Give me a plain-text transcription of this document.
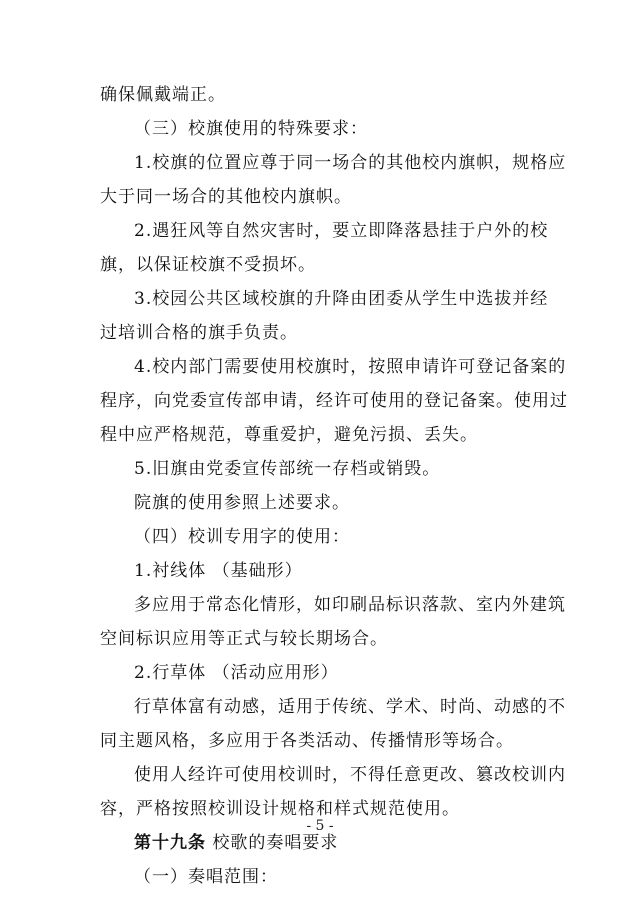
确保佩戴端正。
（三）校旗使用的特殊要求：
1.校旗的位置应尊于同一场合的其他校内旗帜，规格应
大于同一场合的其他校内旗帜。
2.遇狂风等自然灾害时，要立即降落悬挂于户外的校
旗，以保证校旗不受损坏。
3.校园公共区域校旗的升降由团委从学生中选拔并经
过培训合格的旗手负责。
4.校内部门需要使用校旗时，按照申请许可登记备案的
程序，向党委宣传部申请，经许可使用的登记备案。使用过
程中应严格规范，尊重爱护，避免污损、丢失。
5.旧旗由党委宣传部统一存档或销毁。
院旗的使用参照上述要求。
（四）校训专用字的使用：
1.衬线体 （基础形）
多应用于常态化情形，如印刷品标识落款、室内外建筑
空间标识应用等正式与较长期场合。
2.行草体 （活动应用形）
行草体富有动感，适用于传统、学术、时尚、动感的不
同主题风格，多应用于各类活动、传播情形等场合。
使用人经许可使用校训时，不得任意更改、篡改校训内
容，严格按照校训设计规格和样式规范使用。
第十九条 校歌的奏唱要求
（一）奏唱范围：
- 5 -
